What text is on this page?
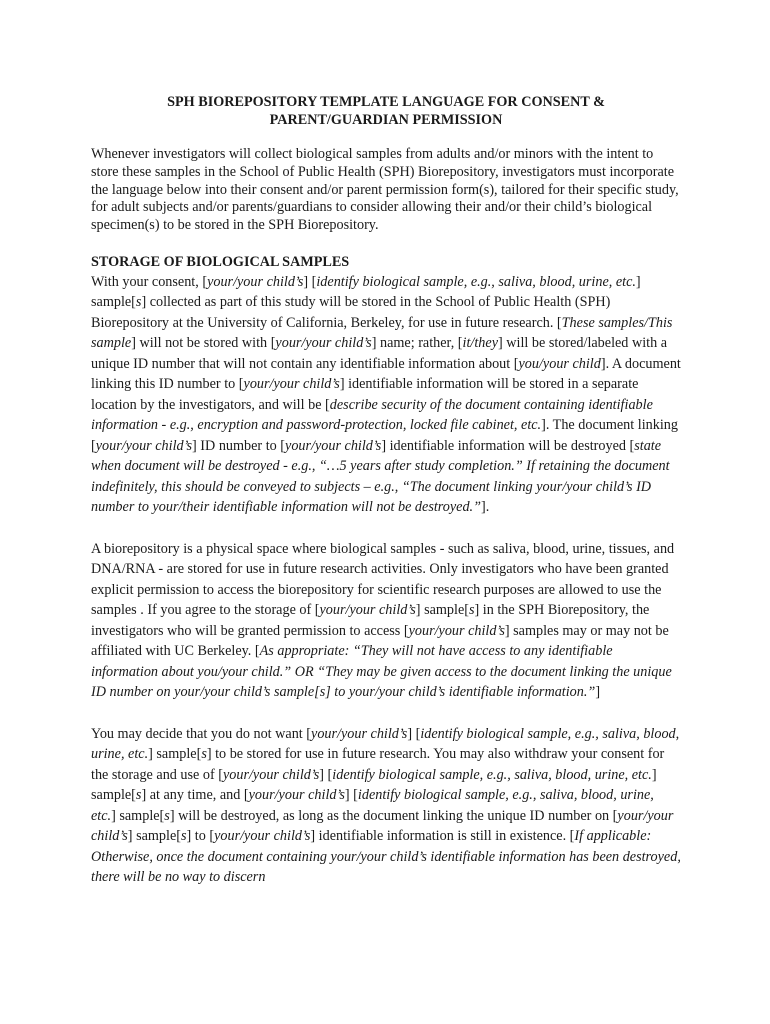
SPH BIOREPOSITORY TEMPLATE LANGUAGE FOR CONSENT &
PARENT/GUARDIAN PERMISSION

Whenever investigators will collect biological samples from adults and/or minors with the intent to store these samples in the School of Public Health (SPH) Biorepository, investigators must incorporate the language below into their consent and/or parent permission form(s), tailored for their specific study, for adult subjects and/or parents/guardians to consider allowing their and/or their child’s biological specimen(s) to be stored in the SPH Biorepository.

STORAGE OF BIOLOGICAL SAMPLES

With your consent, [your/your child’s] [identify biological sample, e.g., saliva, blood, urine, etc.] sample[s] collected as part of this study will be stored in the School of Public Health (SPH) Biorepository at the University of California, Berkeley, for use in future research. [These samples/This sample] will not be stored with [your/your child’s] name; rather, [it/they] will be stored/labeled with a unique ID number that will not contain any identifiable information about [you/your child]. A document linking this ID number to [your/your child’s] identifiable information will be stored in a separate location by the investigators, and will be [describe security of the document containing identifiable information - e.g., encryption and password-protection, locked file cabinet, etc.]. The document linking [your/your child’s] ID number to [your/your child’s] identifiable information will be destroyed [state when document will be destroyed - e.g., “…5 years after study completion.” If retaining the document indefinitely, this should be conveyed to subjects – e.g., “The document linking your/your child’s ID number to your/their identifiable information will not be destroyed.”].

A biorepository is a physical space where biological samples - such as saliva, blood, urine, tissues, and DNA/RNA - are stored for use in future research activities. Only investigators who have been granted explicit permission to access the biorepository for scientific research purposes are allowed to use the samples . If you agree to the storage of [your/your child’s] sample[s] in the SPH Biorepository, the investigators who will be granted permission to access [your/your child’s] samples may or may not be affiliated with UC Berkeley. [As appropriate: “They will not have access to any identifiable information about you/your child.” OR “They may be given access to the document linking the unique ID number on your/your child’s sample[s] to your/your child’s identifiable information.”]

You may decide that you do not want [your/your child’s] [identify biological sample, e.g., saliva, blood, urine, etc.] sample[s] to be stored for use in future research. You may also withdraw your consent for the storage and use of [your/your child’s] [identify biological sample, e.g., saliva, blood, urine, etc.] sample[s] at any time, and [your/your child’s] [identify biological sample, e.g., saliva, blood, urine, etc.] sample[s] will be destroyed, as long as the document linking the unique ID number on [your/your child’s] sample[s] to [your/your child’s] identifiable information is still in existence. [If applicable: Otherwise, once the document containing your/your child’s identifiable information has been destroyed, there will be no way to discern
